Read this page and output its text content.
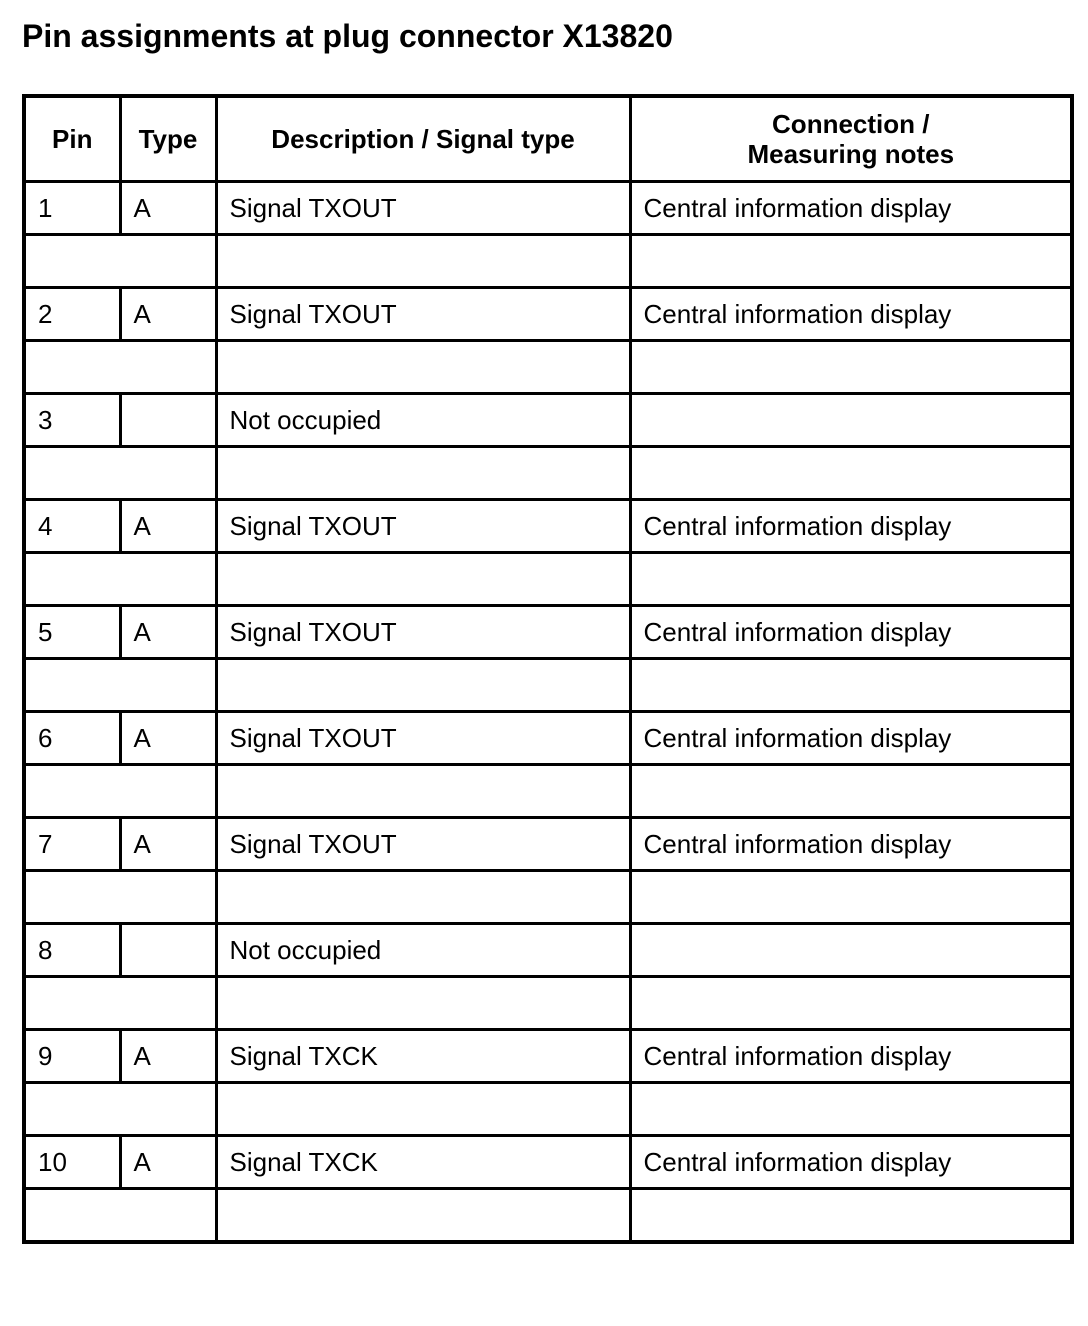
Pin assignments at plug connector X13820
Pin	Type	Description / Signal type	Connection /
Measuring notes

1	A	Signal TXOUT	Central information display

2	A	Signal TXOUT	Central information display

3		Not occupied	

4	A	Signal TXOUT	Central information display

5	A	Signal TXOUT	Central information display

6	A	Signal TXOUT	Central information display

7	A	Signal TXOUT	Central information display

8		Not occupied	

9	A	Signal TXCK	Central information display

10	A	Signal TXCK	Central information display
